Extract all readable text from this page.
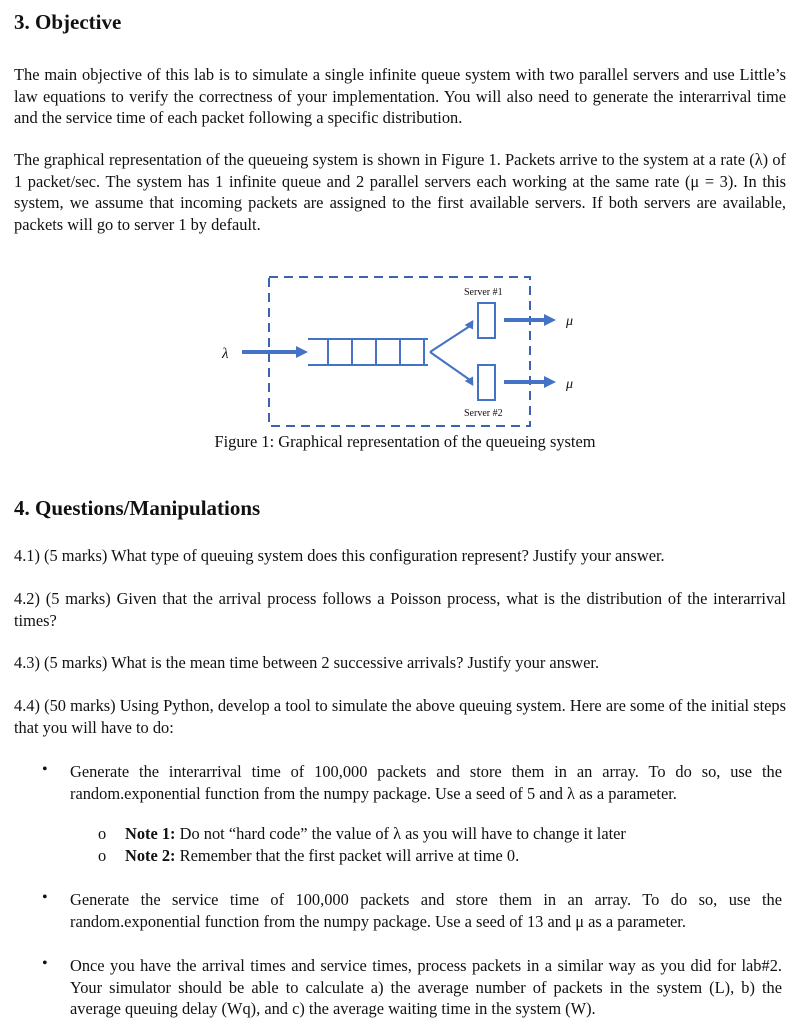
3. Objective

The main objective of this lab is to simulate a single infinite queue system with two parallel servers and use Little’s law equations to verify the correctness of your implementation. You will also need to generate the interarrival time and the service time of each packet following a specific distribution.

The graphical representation of the queueing system is shown in Figure 1. Packets arrive to the system at a rate (λ) of 1 packet/sec. The system has 1 infinite queue and 2 parallel servers each working at the same rate (μ = 3). In this system, we assume that incoming packets are assigned to the first available servers. If both servers are available, packets will go to server 1 by default.

λ
Server #1
Server #2
μ
μ
Figure 1: Graphical representation of the queueing system
4. Questions/Manipulations

4.1) (5 marks) What type of queuing system does this configuration represent? Justify your answer.

4.2) (5 marks) Given that the arrival process follows a Poisson process, what is the distribution of the interarrival times?

4.3) (5 marks) What is the mean time between 2 successive arrivals? Justify your answer.

4.4) (50 marks) Using Python, develop a tool to simulate the above queuing system. Here are some of the initial steps that you will have to do:

• Generate the interarrival time of 100,000 packets and store them in an array. To do so, use the random.exponential function from the numpy package. Use a seed of 5 and λ as a parameter.

o Note 1: Do not “hard code” the value of λ as you will have to change it later
o Note 2: Remember that the first packet will arrive at time 0.
• Generate the service time of 100,000 packets and store them in an array. To do so, use the random.exponential function from the numpy package. Use a seed of 13 and μ as a parameter.

• Once you have the arrival times and service times, process packets in a similar way as you did for lab#2. Your simulator should be able to calculate a) the average number of packets in the system (L), b) the average queuing delay (Wq), and c) the average waiting time in the system (W).
